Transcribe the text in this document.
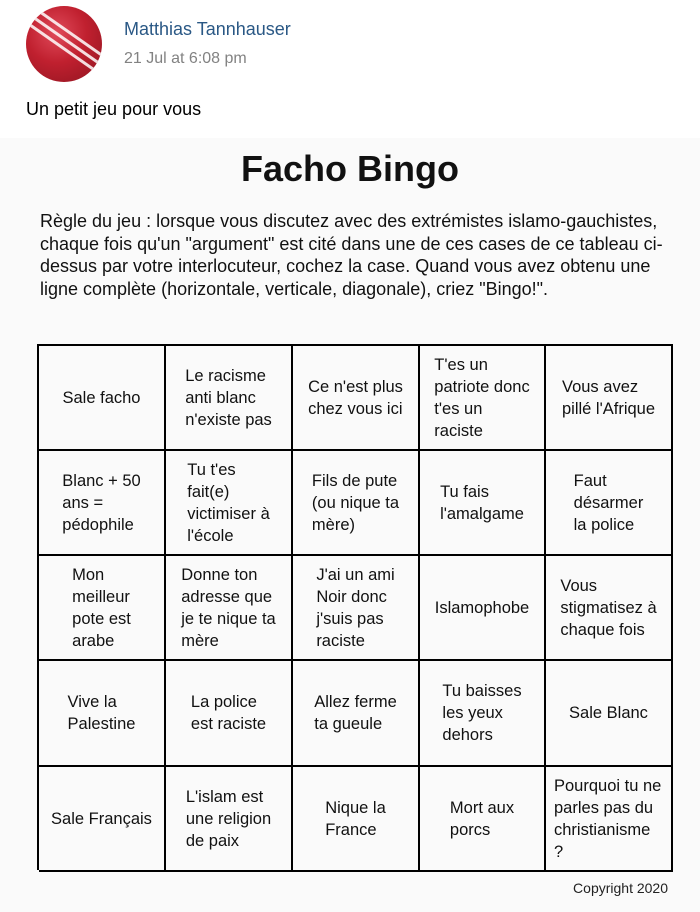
Matthias Tannhauser
21 Jul at 6:08 pm
Un petit jeu pour vous
Facho Bingo
Règle du jeu : lorsque vous discutez avec des extrémistes islamo-gauchistes, chaque fois qu'un "argument" est cité dans une de ces cases de ce tableau ci-dessus par votre interlocuteur, cochez la case. Quand vous avez obtenu une ligne complète (horizontale, verticale, diagonale), criez "Bingo!".
Sale facho
Le racisme
anti blanc
n'existe pas
Ce n'est plus
chez vous ici
T'es un
patriote donc
t'es un
raciste
Vous avez
pillé l'Afrique
Blanc + 50
ans =
pédophile
Tu t'es
fait(e)
victimiser à
l'école
Fils de pute
(ou nique ta
mère)
Tu fais
l'amalgame
Faut
désarmer
la police
Mon
meilleur
pote est
arabe
Donne ton
adresse que
je te nique ta
mère
J'ai un ami
Noir donc
j'suis pas
raciste
Islamophobe
Vous
stigmatisez à
chaque fois
Vive la
Palestine
La police
est raciste
Allez ferme
ta gueule
Tu baisses
les yeux
dehors
Sale Blanc
Sale Français
L'islam est
une religion
de paix
Nique la
France
Mort aux
porcs
Pourquoi tu ne
parles pas du
christianisme ?
Copyright 2020
